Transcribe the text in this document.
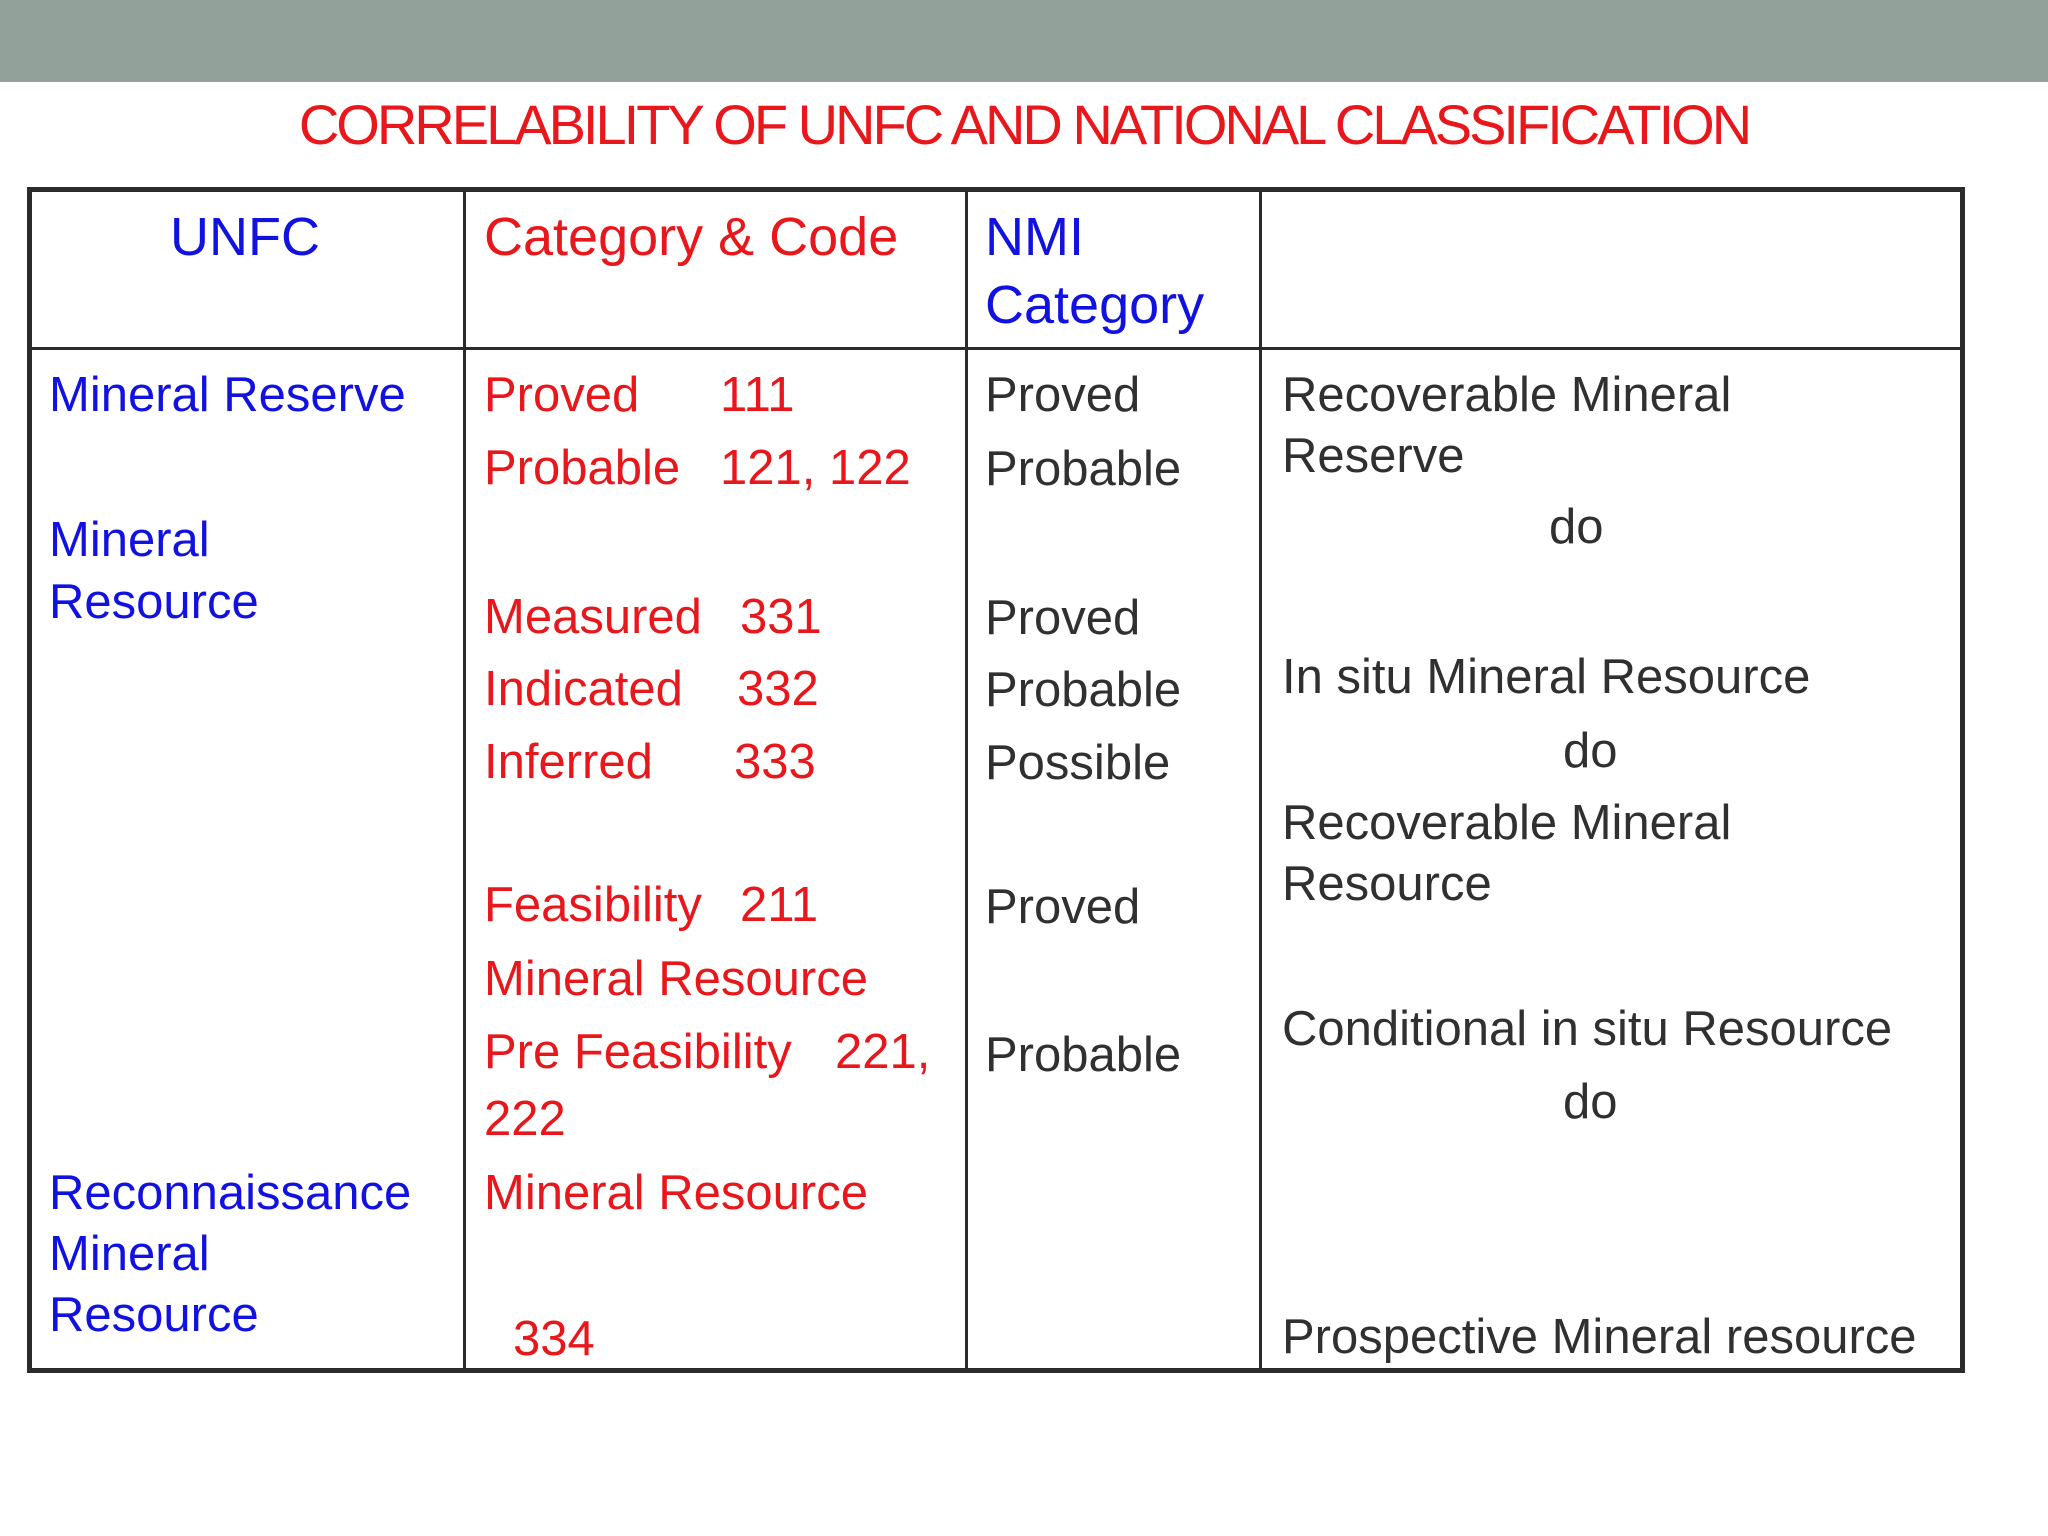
CORRELABILITY OF UNFC AND NATIONAL CLASSIFICATION
UNFC	Category & Code NMI
Category
Mineral Reserve
Mineral
Resource
Reconnaissance
Mineral
Resource
Proved 111
Probable 121, 122
Measured 331
Indicated 332
Inferred 333
Feasibility 211
Mineral Resource
Pre Feasibility 221,
222
Mineral Resource
334
Proved
Probable
Proved
Probable
Possible
Proved
Probable
Recoverable Mineral
Reserve
do
In situ Mineral Resource
do
Recoverable Mineral
Resource
Conditional in situ Resource
do
Prospective Mineral resource
